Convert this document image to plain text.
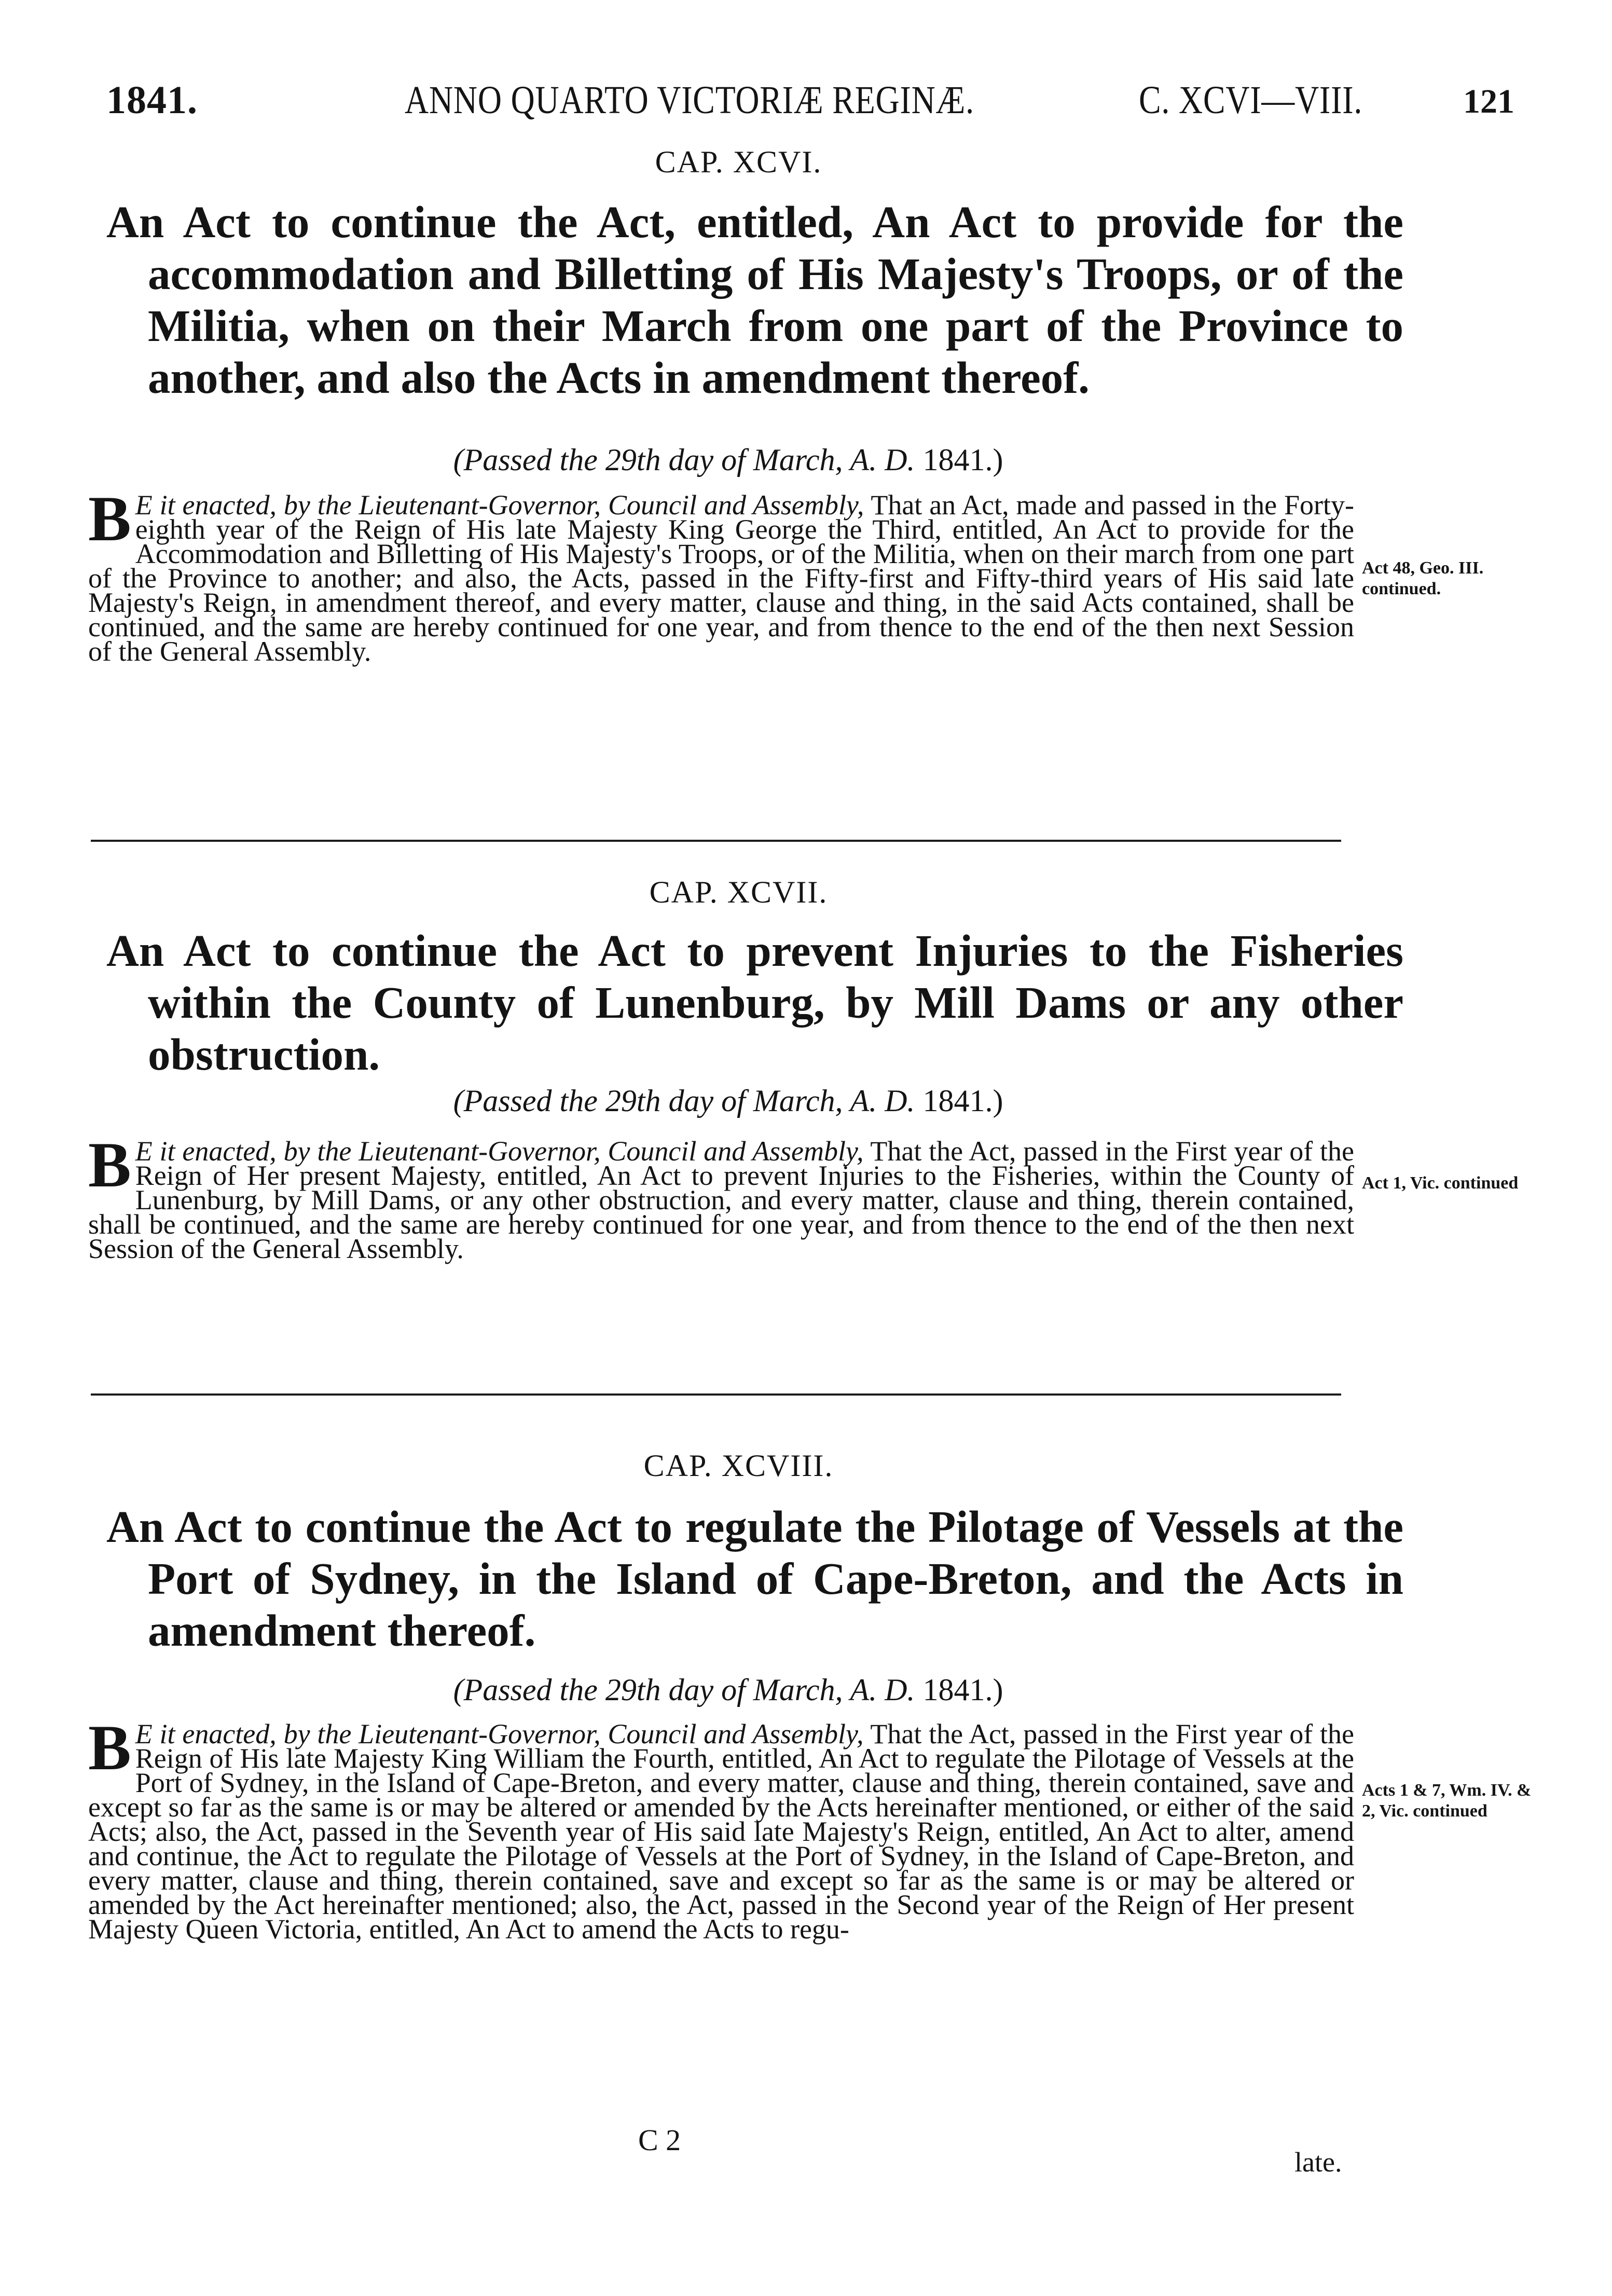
1841.	ANNO QUARTO VICTORIÆ REGINÆ.	C. XCVI—VIII.	121
CAP. XCVI.
An Act to continue the Act, entitled, An Act to provide for the accommodation and Billetting of His Majesty's Troops, or of the Militia, when on their March from one part of the Province to another, and also the Acts in amendment thereof.
(Passed the 29th day of March, A. D. 1841.)
B E it enacted, by the Lieutenant-Governor, Council and Assembly, That an Act, made and passed in the Forty-eighth year of the Reign of His late Majesty King George the Third, entitled, An Act to provide for the Accommodation and Billetting of His Majesty's Troops, or of the Militia, when on their march from one part of the Province to another; and also, the Acts, passed in the Fifty-first and Fifty-third years of His said late Majesty's Reign, in amendment thereof, and every matter, clause and thing, in the said Acts contained, shall be continued, and the same are hereby continued for one year, and from thence to the end of the then next Session of the General Assembly.
Act 48, Geo. III. continued.
CAP. XCVII.
An Act to continue the Act to prevent Injuries to the Fisheries within the County of Lunenburg, by Mill Dams or any other obstruction.
(Passed the 29th day of March, A. D. 1841.)
B E it enacted, by the Lieutenant-Governor, Council and Assembly, That the Act, passed in the First year of the Reign of Her present Majesty, entitled, An Act to prevent Injuries to the Fisheries, within the County of Lunenburg, by Mill Dams, or any other obstruction, and every matter, clause and thing, therein contained, shall be continued, and the same are hereby continued for one year, and from thence to the end of the then next Session of the General Assembly.
Act 1, Vic. continued
CAP. XCVIII.
An Act to continue the Act to regulate the Pilotage of Vessels at the Port of Sydney, in the Island of Cape-Breton, and the Acts in amendment thereof.
(Passed the 29th day of March, A. D. 1841.)
B E it enacted, by the Lieutenant-Governor, Council and Assembly, That the Act, passed in the First year of the Reign of His late Majesty King William the Fourth, entitled, An Act to regulate the Pilotage of Vessels at the Port of Sydney, in the Island of Cape-Breton, and every matter, clause and thing, therein contained, save and except so far as the same is or may be altered or amended by the Acts hereinafter mentioned, or either of the said Acts; also, the Act, passed in the Seventh year of His said late Majesty's Reign, entitled, An Act to alter, amend and continue, the Act to regulate the Pilotage of Vessels at the Port of Sydney, in the Island of Cape-Breton, and every matter, clause and thing, therein contained, save and except so far as the same is or may be altered or amended by the Act hereinafter mentioned; also, the Act, passed in the Second year of the Reign of Her present Majesty Queen Victoria, entitled, An Act to amend the Acts to regu-
Acts 1 & 7, Wm. IV. & 2, Vic. continued
C 2
late.
